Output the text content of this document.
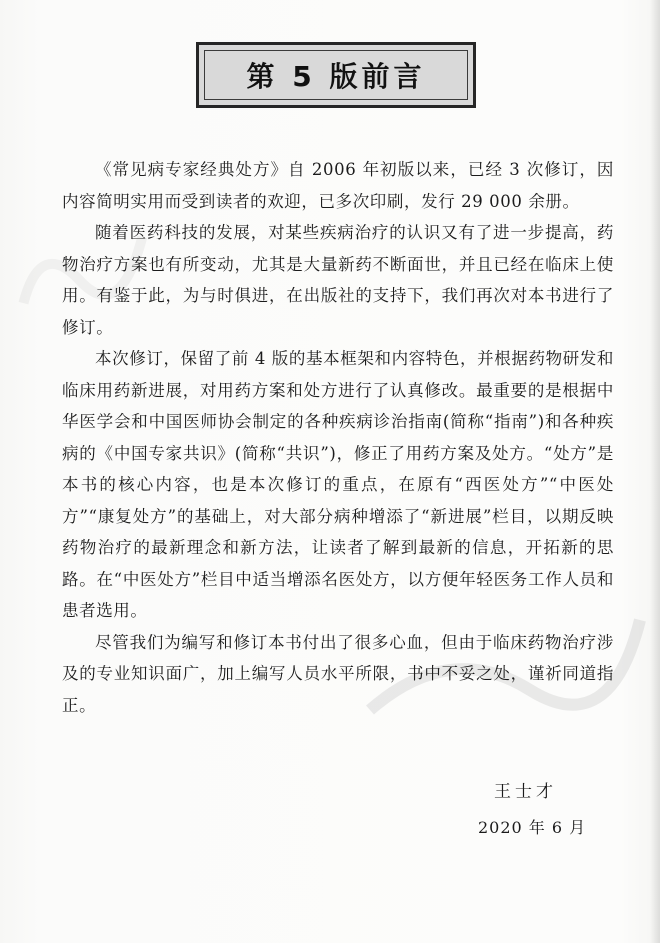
第 5 版前言

《常见病专家经典处方》自 2006 年初版以来，已经 3 次修订，因内容简明实用而受到读者的欢迎，已多次印刷，发行 29 000 余册。

随着医药科技的发展，对某些疾病治疗的认识又有了进一步提高，药物治疗方案也有所变动，尤其是大量新药不断面世，并且已经在临床上使用。有鉴于此，为与时俱进，在出版社的支持下，我们再次对本书进行了修订。

本次修订，保留了前 4 版的基本框架和内容特色，并根据药物研发和临床用药新进展，对用药方案和处方进行了认真修改。最重要的是根据中华医学会和中国医师协会制定的各种疾病诊治指南(简称“指南”)和各种疾病的《中国专家共识》(简称“共识”)，修正了用药方案及处方。“处方”是本书的核心内容，也是本次修订的重点，在原有“西医处方”“中医处方”“康复处方”的基础上，对大部分病种增添了“新进展”栏目，以期反映药物治疗的最新理念和新方法，让读者了解到最新的信息，开拓新的思路。在“中医处方”栏目中适当增添名医处方，以方便年轻医务工作人员和患者选用。

尽管我们为编写和修订本书付出了很多心血，但由于临床药物治疗涉及的专业知识面广，加上编写人员水平所限，书中不妥之处，谨祈同道指正。

王士才
2020 年 6 月
